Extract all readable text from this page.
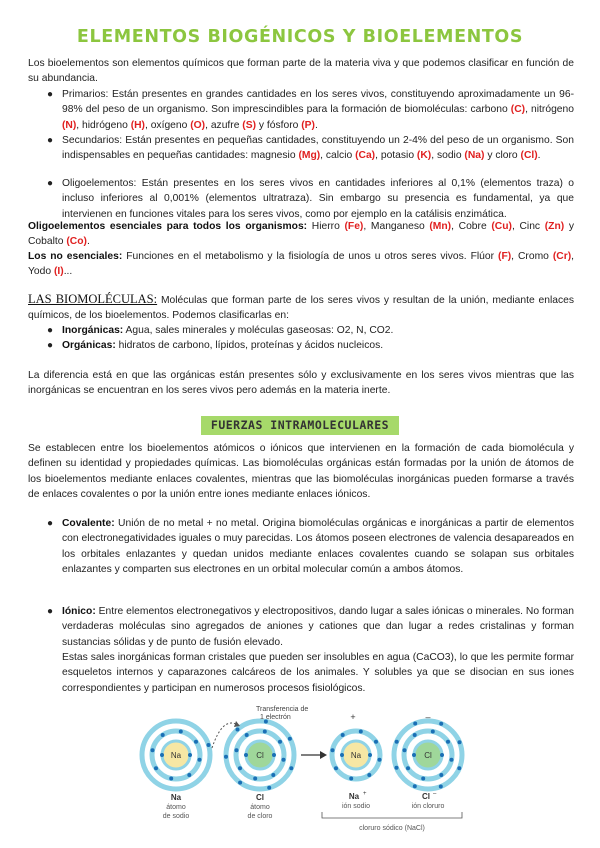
ELEMENTOS BIOGÉNICOS Y BIOELEMENTOS

Los bioelementos son elementos químicos que forman parte de la materia viva y que podemos clasificar en función de su abundancia.

● Primarios: Están presentes en grandes cantidades en los seres vivos, constituyendo aproximadamente un 96-98% del peso de un organismo. Son imprescindibles para la formación de biomoléculas: carbono (C), nitrógeno (N), hidrógeno (H), oxígeno (O), azufre (S) y fósforo (P).

● Secundarios: Están presentes en pequeñas cantidades, constituyendo un 2-4% del peso de un organismo. Son indispensables en pequeñas cantidades: magnesio (Mg), calcio (Ca), potasio (K), sodio (Na) y cloro (Cl).

● Oligoelementos: Están presentes en los seres vivos en cantidades inferiores al 0,1% (elementos traza) o incluso inferiores al 0,001% (elementos ultratraza). Sin embargo su presencia es fundamental, ya que intervienen en funciones vitales para los seres vivos, como por ejemplo en la catálisis enzimática.

Oligoelementos esenciales para todos los organismos: Hierro (Fe), Manganeso (Mn), Cobre (Cu), Cinc (Zn) y Cobalto (Co).

Los no esenciales: Funciones en el metabolismo y la fisiología de unos u otros seres vivos. Flúor (F), Cromo (Cr), Yodo (I)...

LAS BIOMOLÉCULAS: Moléculas que forman parte de los seres vivos y resultan de la unión, mediante enlaces químicos, de los bioelementos. Podemos clasificarlas en:

● Inorgánicas: Agua, sales minerales y moléculas gaseosas: O2, N, CO2.

● Orgánicas: hidratos de carbono, lípidos, proteínas y ácidos nucleicos.

La diferencia está en que las orgánicas están presentes sólo y exclusivamente en los seres vivos mientras que las inorgánicas se encuentran en los seres vivos pero además en la materia inerte.

FUERZAS INTRAMOLECULARES

Se establecen entre los bioelementos atómicos o iónicos que intervienen en la formación de cada biomolécula y definen su identidad y propiedades químicas. Las biomoléculas orgánicas están formadas por la unión de átomos de los bioelementos mediante enlaces covalentes, mientras que las biomoléculas inorgánicas pueden formarse a través de enlaces covalentes o por la unión entre iones mediante enlaces iónicos.

● Covalente: Unión de no metal + no metal. Origina biomoléculas orgánicas e inorgánicas a partir de elementos con electronegatividades iguales o muy parecidas. Los átomos poseen electrones de valencia desapareados en los orbitales enlazantes y quedan unidos mediante enlaces covalentes cuando se solapan sus orbitales enlazantes y comparten sus electrones en un orbital molecular común a ambos átomos.

● Iónico: Entre elementos electronegativos y electropositivos, dando lugar a sales iónicas o minerales. No forman verdaderas moléculas sino agregados de aniones y cationes que dan lugar a redes cristalinas y forman sustancias sólidas y de punto de fusión elevado.

Estas sales inorgánicas forman cristales que pueden ser insolubles en agua (CaCO3), lo que les permite formar esqueletos internos y caparazones calcáreos de los animales. Y solubles ya que se disocian en sus iones correspondientes y participan en numerosos procesos fisiológicos.

Transferencia de
1 electrón
Na	Cl	Na	Cl
+	–
Na
átomo
de sodio
Cl
átomo
de cloro
Na +
ión sodio
Cl –
ión cloruro
cloruro sódico (NaCl)
